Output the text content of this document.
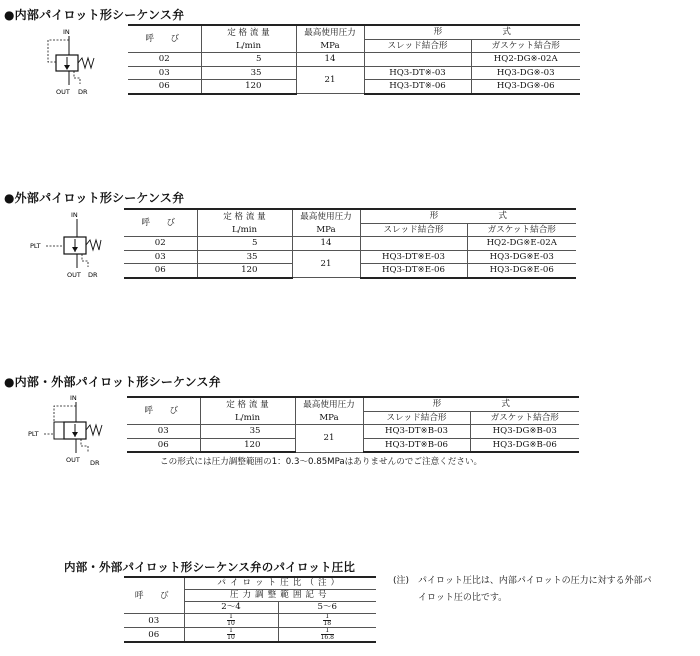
●内部パイロット形シーケンス弁
IN
OUT DR
呼　び	定 格 流 量	最高使用圧力	形　　　　　　　式	
	L/min	MPa	スレッド結合形	ガスケット結合形
02	5	14		HQ2-DG※-02A
03	35	21	HQ3-DT※-03	HQ3-DG※-03
06	120		HQ3-DT※-06	HQ3-DG※-06
●外部パイロット形シーケンス弁
IN
PLT
OUT DR
呼　び	定 格 流 量	最高使用圧力	形　　　　　　　式	
	L/min	MPa	スレッド結合形	ガスケット結合形
02	5	14		HQ2-DG※E-02A
03	35	21	HQ3-DT※E-03	HQ3-DG※E-03
06	120		HQ3-DT※E-06	HQ3-DG※E-06
●内部・外部パイロット形シーケンス弁
IN
PLT
OUT DR
呼　び	定 格 流 量	最高使用圧力	形　　　　　　　式	
	L/min	MPa	スレッド結合形	ガスケット結合形
03	35	21	HQ3-DT※B-03	HQ3-DG※B-03
06	120		HQ3-DT※B-06	HQ3-DG※B-06
この形式には圧力調整範囲の1：0.3～0.85MPaはありませんのでご注意ください。
内部・外部パイロット形シーケンス弁のパイロット圧比
呼　び	パイロット圧比（注）	
	圧力調整範囲記号	
	2～4	5～6
03	$\frac{1}{10}$	$\frac{1}{18}$

06	$\frac{1}{10}$	$\frac{1}{16.8}$
(注)　パイロット圧比は、内部パイロットの圧力に対する外部パ
イロット圧の比です。
